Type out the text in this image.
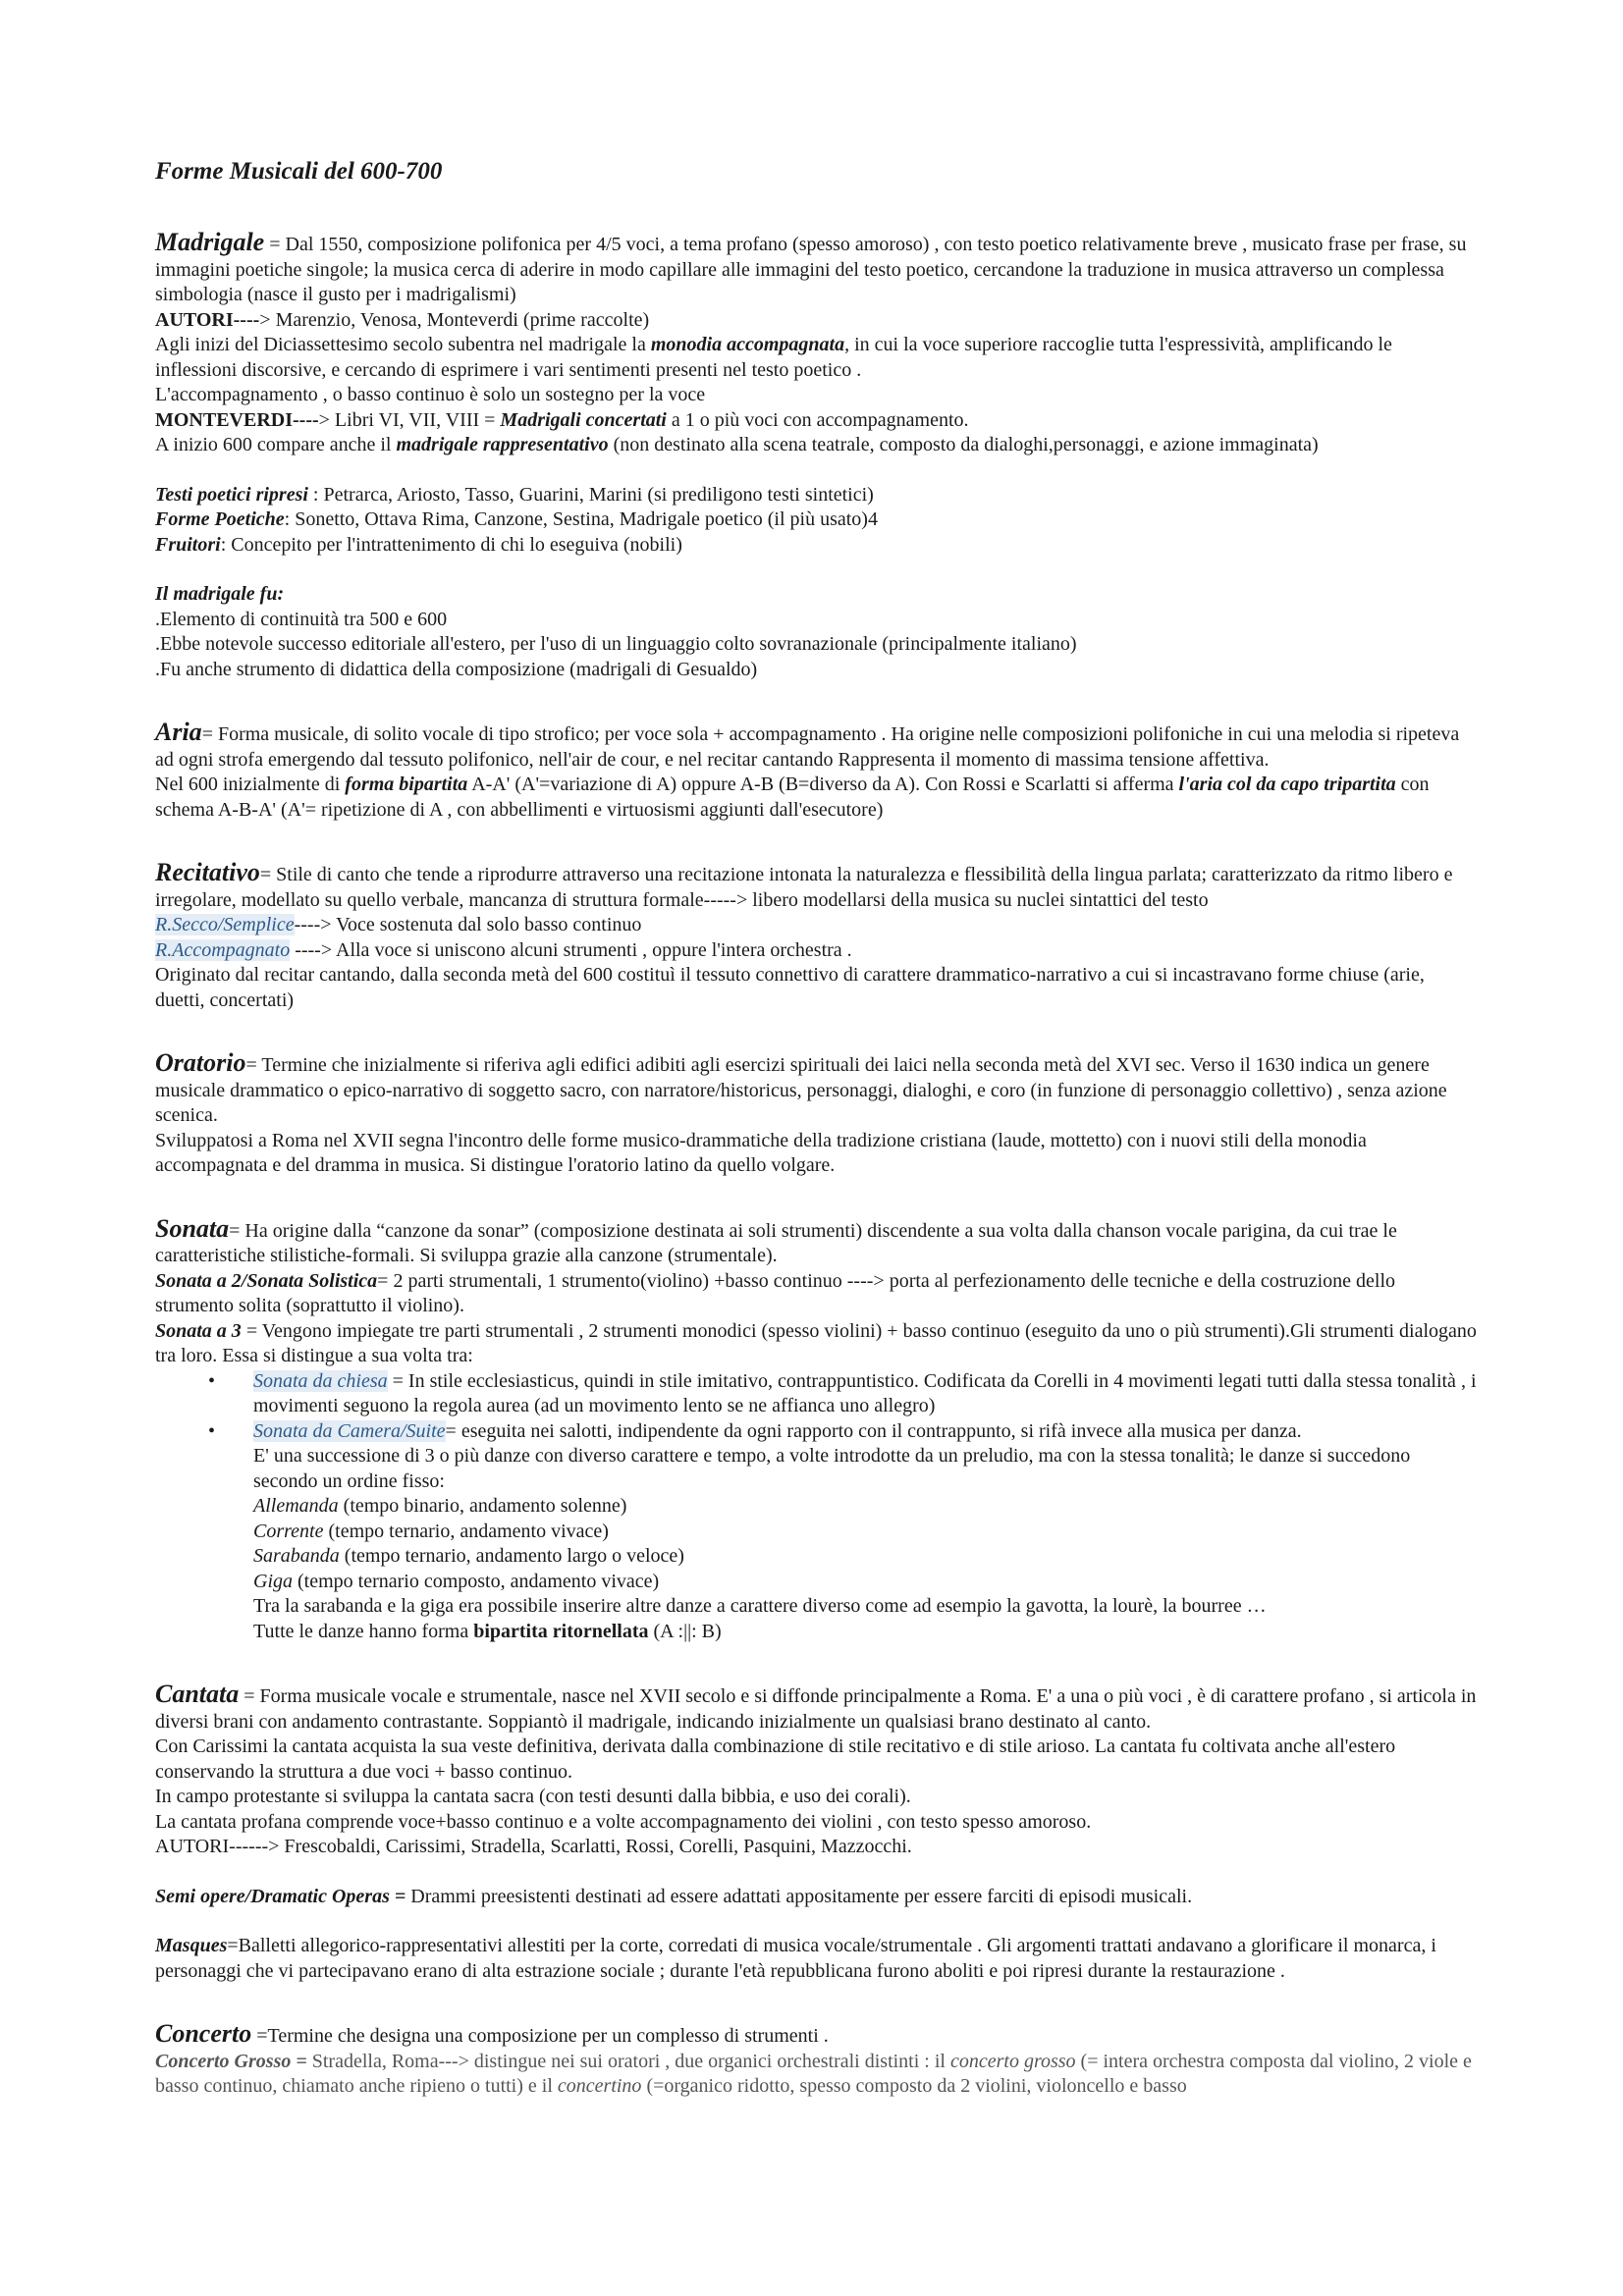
Forme Musicali del 600-700

Madrigale = Dal 1550, composizione polifonica per 4/5 voci, a tema profano (spesso amoroso) , con testo poetico relativamente breve , musicato frase per frase, su immagini poetiche singole; la musica cerca di aderire in modo capillare alle immagini del testo poetico, cercandone la traduzione in musica attraverso un complessa simbologia (nasce il gusto per i madrigalismi)

AUTORI----> Marenzio, Venosa, Monteverdi (prime raccolte)

Agli inizi del Diciassettesimo secolo subentra nel madrigale la monodia accompagnata, in cui la voce superiore raccoglie tutta l'espressività, amplificando le inflessioni discorsive, e cercando di esprimere i vari sentimenti presenti nel testo poetico .

L'accompagnamento , o basso continuo è solo un sostegno per la voce

MONTEVERDI----> Libri VI, VII, VIII = Madrigali concertati a 1 o più voci con accompagnamento.

A inizio 600 compare anche il madrigale rappresentativo (non destinato alla scena teatrale, composto da dialoghi,personaggi, e azione immaginata)

Testi poetici ripresi : Petrarca, Ariosto, Tasso, Guarini, Marini (si prediligono testi sintetici)

Forme Poetiche: Sonetto, Ottava Rima, Canzone, Sestina, Madrigale poetico (il più usato)4

Fruitori: Concepito per l'intrattenimento di chi lo eseguiva (nobili)

Il madrigale fu:

.Elemento di continuità tra 500 e 600

.Ebbe notevole successo editoriale all'estero, per l'uso di un linguaggio colto sovranazionale (principalmente italiano)

.Fu anche strumento di didattica della composizione (madrigali di Gesualdo)

Aria= Forma musicale, di solito vocale di tipo strofico; per voce sola + accompagnamento . Ha origine nelle composizioni polifoniche in cui una melodia si ripeteva ad ogni strofa emergendo dal tessuto polifonico, nell'air de cour, e nel recitar cantando Rappresenta il momento di massima tensione affettiva.

Nel 600 inizialmente di forma bipartita A-A' (A'=variazione di A) oppure A-B (B=diverso da A). Con Rossi e Scarlatti si afferma l'aria col da capo tripartita con schema A-B-A' (A'= ripetizione di A , con abbellimenti e virtuosismi aggiunti dall'esecutore)

Recitativo= Stile di canto che tende a riprodurre attraverso una recitazione intonata la naturalezza e flessibilità della lingua parlata; caratterizzato da ritmo libero e irregolare, modellato su quello verbale, mancanza di struttura formale-----> libero modellarsi della musica su nuclei sintattici del testo

R.Secco/Semplice----> Voce sostenuta dal solo basso continuo

R.Accompagnato ----> Alla voce si uniscono alcuni strumenti , oppure l'intera orchestra .

Originato dal recitar cantando, dalla seconda metà del 600 costituì il tessuto connettivo di carattere drammatico-narrativo a cui si incastravano forme chiuse (arie, duetti, concertati)

Oratorio= Termine che inizialmente si riferiva agli edifici adibiti agli esercizi spirituali dei laici nella seconda metà del XVI sec. Verso il 1630 indica un genere musicale drammatico o epico-narrativo di soggetto sacro, con narratore/historicus, personaggi, dialoghi, e coro (in funzione di personaggio collettivo) , senza azione scenica.

Sviluppatosi a Roma nel XVII segna l'incontro delle forme musico-drammatiche della tradizione cristiana (laude, mottetto) con i nuovi stili della monodia accompagnata e del dramma in musica. Si distingue l'oratorio latino da quello volgare.

Sonata= Ha origine dalla “canzone da sonar” (composizione destinata ai soli strumenti) discendente a sua volta dalla chanson vocale parigina, da cui trae le caratteristiche stilistiche-formali. Si sviluppa grazie alla canzone (strumentale).

Sonata a 2/Sonata Solistica= 2 parti strumentali, 1 strumento(violino) +basso continuo ----> porta al perfezionamento delle tecniche e della costruzione dello strumento solita (soprattutto il violino).

Sonata a 3 = Vengono impiegate tre parti strumentali , 2 strumenti monodici (spesso violini) + basso continuo (eseguito da uno o più strumenti).Gli strumenti dialogano tra loro. Essa si distingue a sua volta tra:

• Sonata da chiesa = In stile ecclesiasticus, quindi in stile imitativo, contrappuntistico. Codificata da Corelli in 4 movimenti legati tutti dalla stessa tonalità , i movimenti seguono la regola aurea (ad un movimento lento se ne affianca uno allegro)
• Sonata da Camera/Suite= eseguita nei salotti, indipendente da ogni rapporto con il contrappunto, si rifà invece alla musica per danza.

E' una successione di 3 o più danze con diverso carattere e tempo, a volte introdotte da un preludio, ma con la stessa tonalità; le danze si succedono secondo un ordine fisso:

Allemanda (tempo binario, andamento solenne)

Corrente (tempo ternario, andamento vivace)

Sarabanda (tempo ternario, andamento largo o veloce)

Giga (tempo ternario composto, andamento vivace)

Tra la sarabanda e la giga era possibile inserire altre danze a carattere diverso come ad esempio la gavotta, la lourè, la bourree …

Tutte le danze hanno forma bipartita ritornellata (A :||: B)

Cantata = Forma musicale vocale e strumentale, nasce nel XVII secolo e si diffonde principalmente a Roma. E' a una o più voci , è di carattere profano , si articola in diversi brani con andamento contrastante. Soppiantò il madrigale, indicando inizialmente un qualsiasi brano destinato al canto.

Con Carissimi la cantata acquista la sua veste definitiva, derivata dalla combinazione di stile recitativo e di stile arioso. La cantata fu coltivata anche all'estero conservando la struttura a due voci + basso continuo.

In campo protestante si sviluppa la cantata sacra (con testi desunti dalla bibbia, e uso dei corali).

La cantata profana comprende voce+basso continuo e a volte accompagnamento dei violini , con testo spesso amoroso.

AUTORI------> Frescobaldi, Carissimi, Stradella, Scarlatti, Rossi, Corelli, Pasquini, Mazzocchi.

Semi opere/Dramatic Operas = Drammi preesistenti destinati ad essere adattati appositamente per essere farciti di episodi musicali.

Masques=Balletti allegorico-rappresentativi allestiti per la corte, corredati di musica vocale/strumentale . Gli argomenti trattati andavano a glorificare il monarca, i personaggi che vi partecipavano erano di alta estrazione sociale ; durante l'età repubblicana furono aboliti e poi ripresi durante la restaurazione .

Concerto =Termine che designa una composizione per un complesso di strumenti .

Concerto Grosso = Stradella, Roma---> distingue nei sui oratori , due organici orchestrali distinti : il concerto grosso (= intera orchestra composta dal violino, 2 viole e basso continuo, chiamato anche ripieno o tutti) e il concertino (=organico ridotto, spesso composto da 2 violini, violoncello e basso
